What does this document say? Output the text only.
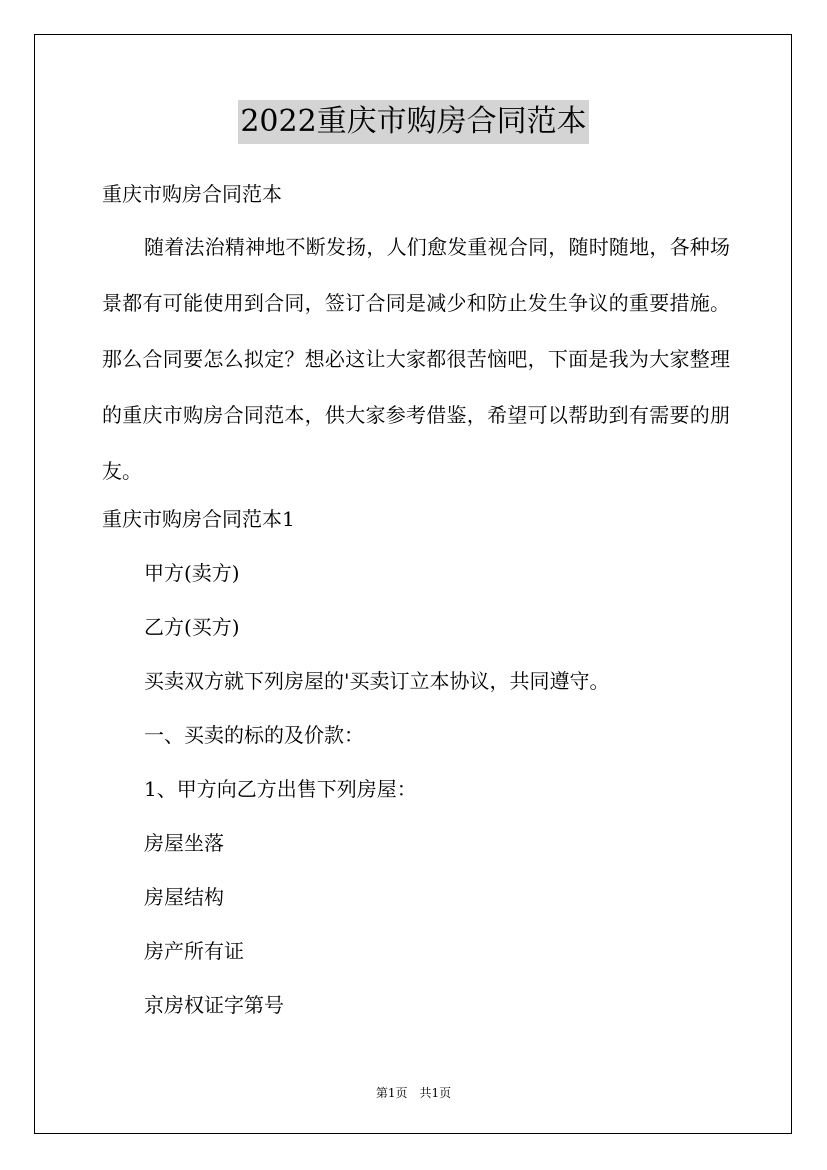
2022重庆市购房合同范本

重庆市购房合同范本

随着法治精神地不断发扬，人们愈发重视合同，随时随地，各种场景都有可能使用到合同，签订合同是减少和防止发生争议的重要措施。那么合同要怎么拟定？想必这让大家都很苦恼吧，下面是我为大家整理的重庆市购房合同范本，供大家参考借鉴，希望可以帮助到有需要的朋友。

重庆市购房合同范本1

甲方(卖方)

乙方(买方)

买卖双方就下列房屋的'买卖订立本协议，共同遵守。

一、买卖的标的及价款：

1、甲方向乙方出售下列房屋：

房屋坐落

房屋结构

房产所有证

京房权证字第号

第1页 共1页
